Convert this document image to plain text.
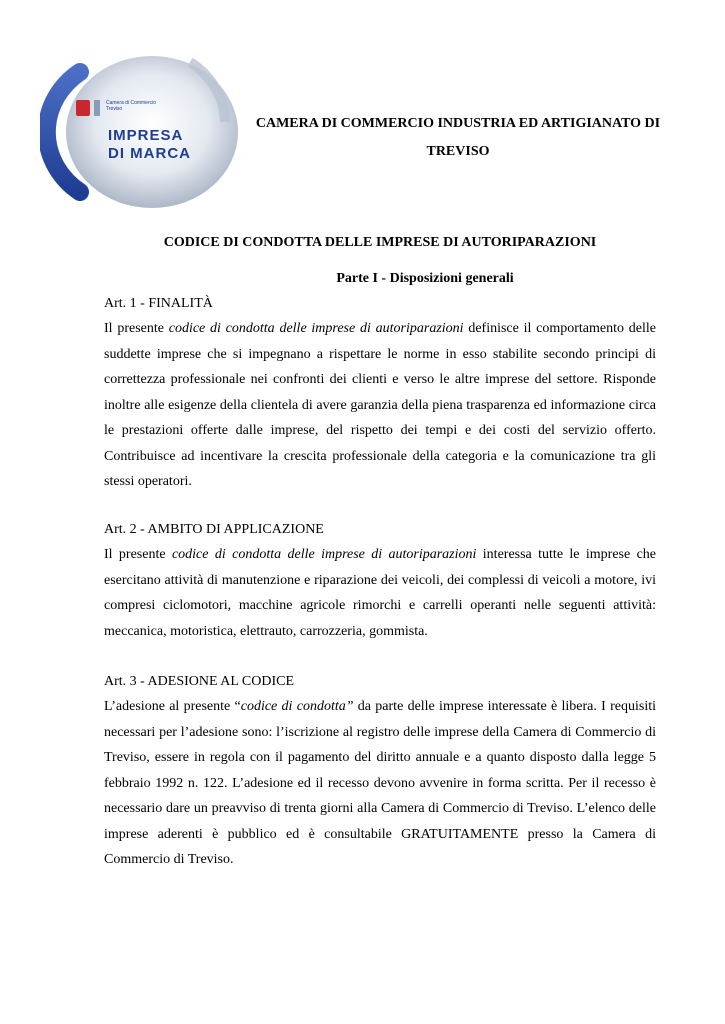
Camera di Commercio
Treviso
IMPRESA
DI MARCA
CAMERA DI COMMERCIO INDUSTRIA ED ARTIGIANATO DI
TREVISO
CODICE DI CONDOTTA DELLE IMPRESE DI AUTORIPARAZIONI
Parte I - Disposizioni generali

Art. 1 - FINALITÀ

Il presente codice di condotta delle imprese di autoriparazioni definisce il comportamento delle suddette imprese che si impegnano a rispettare le norme in esso stabilite secondo principi di correttezza professionale nei confronti dei clienti e verso le altre imprese del settore. Risponde inoltre alle esigenze della clientela di avere garanzia della piena trasparenza ed informazione circa le prestazioni offerte dalle imprese, del rispetto dei tempi e dei costi del servizio offerto. Contribuisce ad incentivare la crescita professionale della categoria e la comunicazione tra gli stessi operatori.

Art. 2 - AMBITO DI APPLICAZIONE

Il presente codice di condotta delle imprese di autoriparazioni interessa tutte le imprese che esercitano attività di manutenzione e riparazione dei veicoli, dei complessi di veicoli a motore, ivi compresi ciclomotori, macchine agricole rimorchi e carrelli operanti nelle seguenti attività: meccanica, motoristica, elettrauto, carrozzeria, gommista.

Art. 3 - ADESIONE AL CODICE

L’adesione al presente “codice di condotta” da parte delle imprese interessate è libera. I requisiti necessari per l’adesione sono: l’iscrizione al registro delle imprese della Camera di Commercio di Treviso, essere in regola con il pagamento del diritto annuale e a quanto disposto dalla legge 5 febbraio 1992 n. 122. L’adesione ed il recesso devono avvenire in forma scritta. Per il recesso è necessario dare un preavviso di trenta giorni alla Camera di Commercio di Treviso. L’elenco delle imprese aderenti è pubblico ed è consultabile GRATUITAMENTE presso la Camera di Commercio di Treviso.
